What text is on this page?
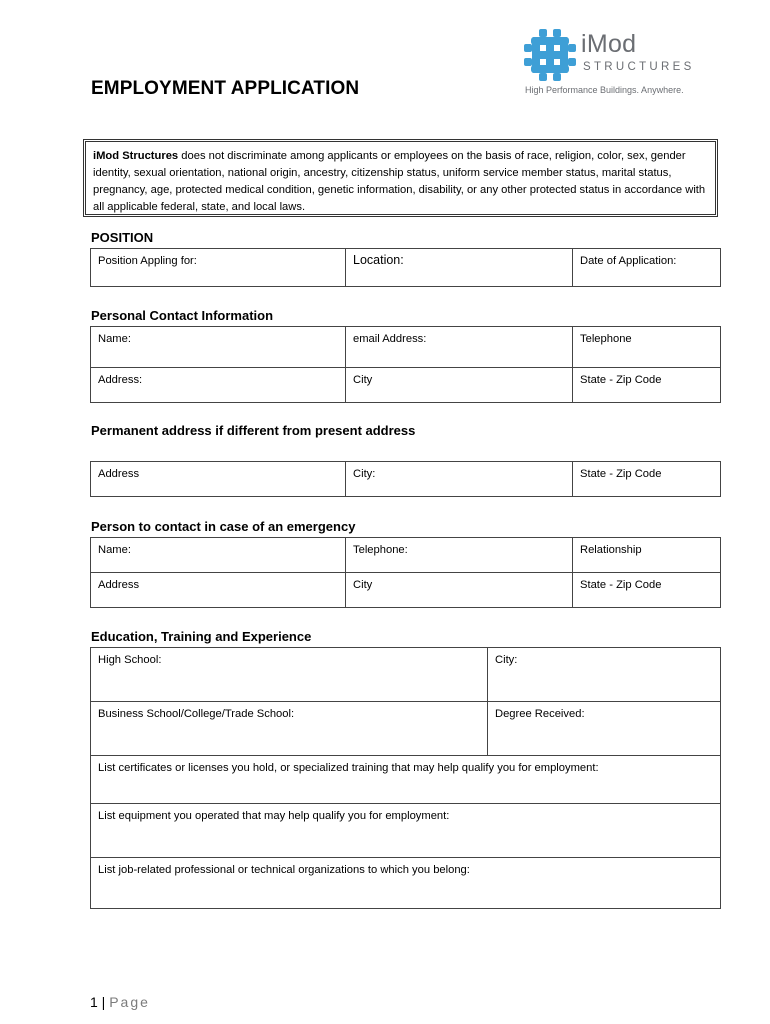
iMod
STRUCTURES
High Performance Buildings. Anywhere.
EMPLOYMENT APPLICATION
iMod Structures does not discriminate among applicants or employees on the basis of race, religion, color, sex, gender identity, sexual orientation, national origin, ancestry, citizenship status, uniform service member status, marital status, pregnancy, age, protected medical condition, genetic information, disability, or any other protected status in accordance with all applicable federal, state, and local laws.
POSITION
Position Appling for:	Location:	Date of Application:
Personal Contact Information
Name:	email Address:	Telephone
Address:	City	State - Zip Code
Permanent address if different from present address
Address	City:	State - Zip Code
Person to contact in case of an emergency
Name:	Telephone:	Relationship
Address	City	State - Zip Code
Education, Training and Experience
High School:	City:
Business School/College/Trade School:	Degree Received:
List certificates or licenses you hold, or specialized training that may help qualify you for employment:	
List equipment you operated that may help qualify you for employment:	
List job-related professional or technical organizations to which you belong:	
1 | Page
